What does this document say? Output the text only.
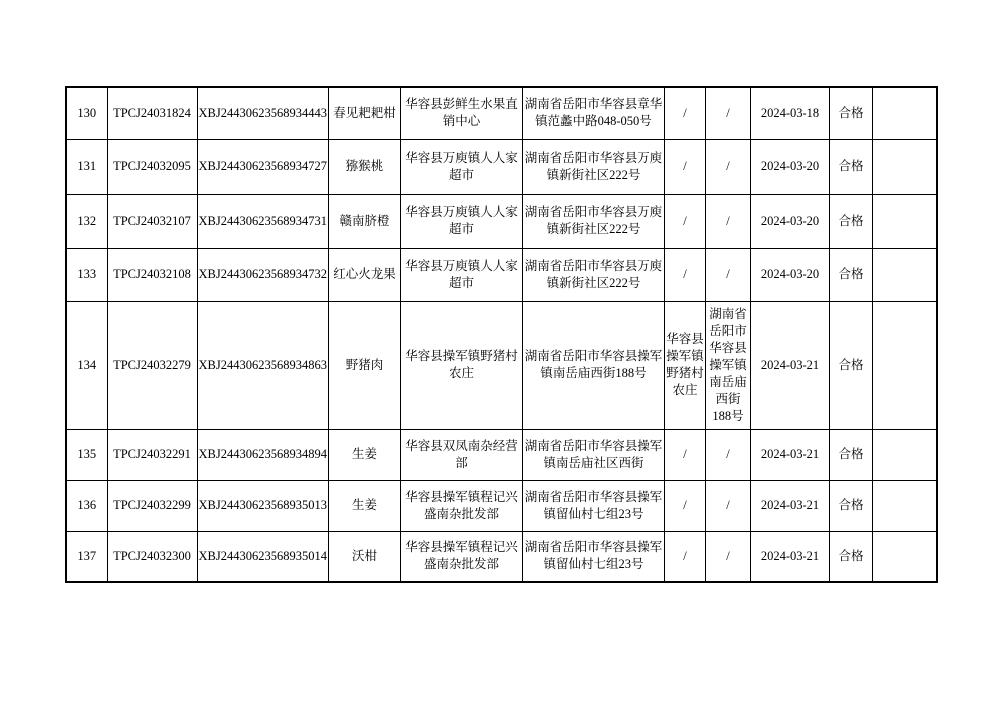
130	TPCJ24031824	XBJ24430623568934443	春见耙耙柑	华容县彭鲜生水果直销中心	湖南省岳阳市华容县章华镇范蠡中路048-050号	/	/	2024-03-18	合格	
131	TPCJ24032095	XBJ24430623568934727	猕猴桃	华容县万庾镇人人家超市	湖南省岳阳市华容县万庾镇新街社区222号	/	/	2024-03-20	合格	
132	TPCJ24032107	XBJ24430623568934731	赣南脐橙	华容县万庾镇人人家超市	湖南省岳阳市华容县万庾镇新街社区222号	/	/	2024-03-20	合格	
133	TPCJ24032108	XBJ24430623568934732	红心火龙果	华容县万庾镇人人家超市	湖南省岳阳市华容县万庾镇新街社区222号	/	/	2024-03-20	合格	
134	TPCJ24032279	XBJ24430623568934863	野猪肉	华容县操军镇野猪村农庄	湖南省岳阳市华容县操军镇南岳庙西街188号	华容县操军镇野猪村农庄	湖南省岳阳市华容县操军镇南岳庙西街188号	2024-03-21	合格	
135	TPCJ24032291	XBJ24430623568934894	生姜	华容县双凤南杂经营部	湖南省岳阳市华容县操军镇南岳庙社区西街	/	/	2024-03-21	合格	
136	TPCJ24032299	XBJ24430623568935013	生姜	华容县操军镇程记兴盛南杂批发部	湖南省岳阳市华容县操军镇留仙村七组23号	/	/	2024-03-21	合格	
137	TPCJ24032300	XBJ24430623568935014	沃柑	华容县操军镇程记兴盛南杂批发部	湖南省岳阳市华容县操军镇留仙村七组23号	/	/	2024-03-21	合格	
